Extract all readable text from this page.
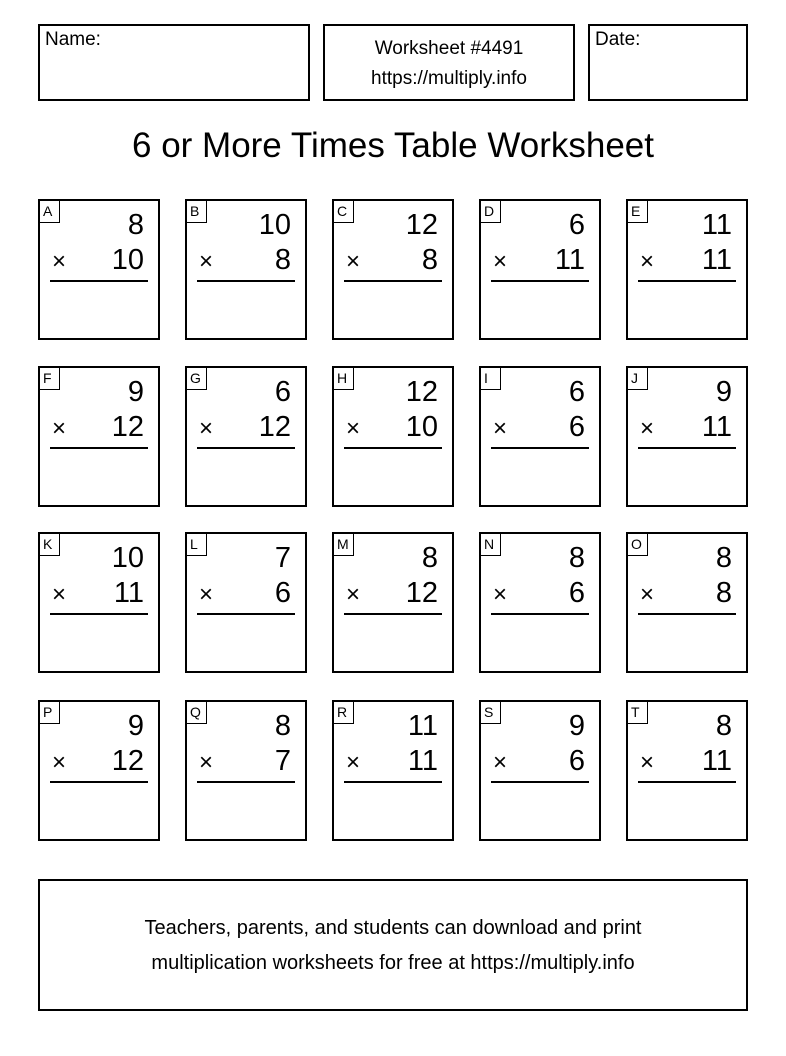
Name:	Worksheet #4491
https://multiply.info
Date:
6 or More Times Table Worksheet
A	8
× 10
B 10
× 8
C 12
× 8
D	6
× 11
E 11
× 11
F	9
× 12
G	6
× 12
H 12
× 10
I	6
× 6
J	9
× 11
K 10
× 11
L	7
× 6
M	8
× 12
N	8
× 6
O	8
× 8
P	9
× 12
Q	8
× 7
R 11
× 11
S	9
× 6
T	8
× 11
Teachers, parents, and students can download and print
multiplication worksheets for free at https://multiply.info
